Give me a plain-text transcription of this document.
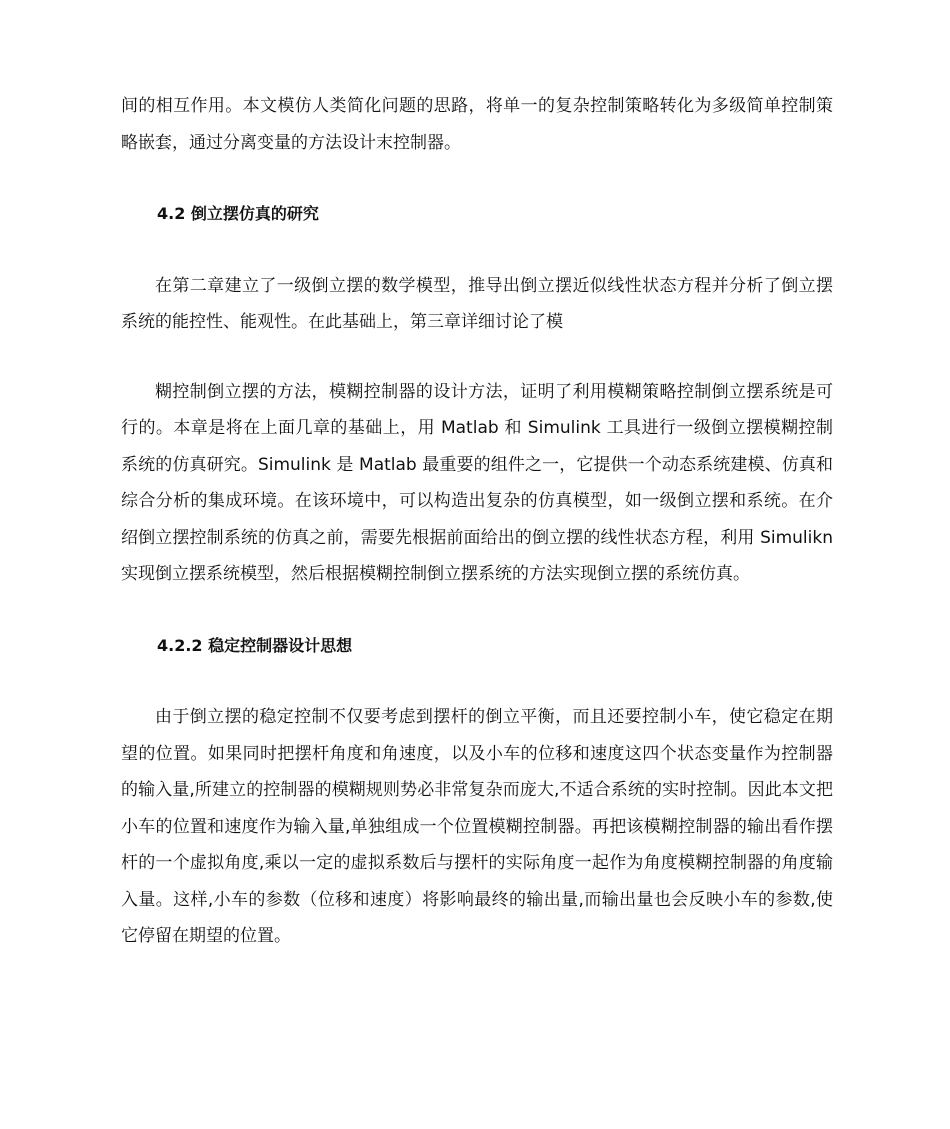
间的相互作用。本文模仿人类简化问题的思路，将单一的复杂控制策略转化为多级简单控制策略嵌套，通过分离变量的方法设计末控制器。

4.2 倒立摆仿真的研究

在第二章建立了一级倒立摆的数学模型，推导出倒立摆近似线性状态方程并分析了倒立摆系统的能控性、能观性。在此基础上，第三章详细讨论了模

糊控制倒立摆的方法，模糊控制器的设计方法，证明了利用模糊策略控制倒立摆系统是可行的。本章是将在上面几章的基础上，用 Matlab 和 Simulink 工具进行一级倒立摆模糊控制系统的仿真研究。Simulink 是 Matlab 最重要的组件之一，它提供一个动态系统建模、仿真和综合分析的集成环境。在该环境中，可以构造出复杂的仿真模型，如一级倒立摆和系统。在介绍倒立摆控制系统的仿真之前，需要先根据前面给出的倒立摆的线性状态方程，利用 Simulikn 实现倒立摆系统模型，然后根据模糊控制倒立摆系统的方法实现倒立摆的系统仿真。

4.2.2 稳定控制器设计思想

由于倒立摆的稳定控制不仅要考虑到摆杆的倒立平衡，而且还要控制小车，使它稳定在期望的位置。如果同时把摆杆角度和角速度，以及小车的位移和速度这四个状态变量作为控制器的输入量,所建立的控制器的模糊规则势必非常复杂而庞大,不适合系统的实时控制。因此本文把小车的位置和速度作为输入量,单独组成一个位置模糊控制器。再把该模糊控制器的输出看作摆杆的一个虚拟角度,乘以一定的虚拟系数后与摆杆的实际角度一起作为角度模糊控制器的角度输入量。这样,小车的参数（位移和速度）将影响最终的输出量,而输出量也会反映小车的参数,使它停留在期望的位置。
